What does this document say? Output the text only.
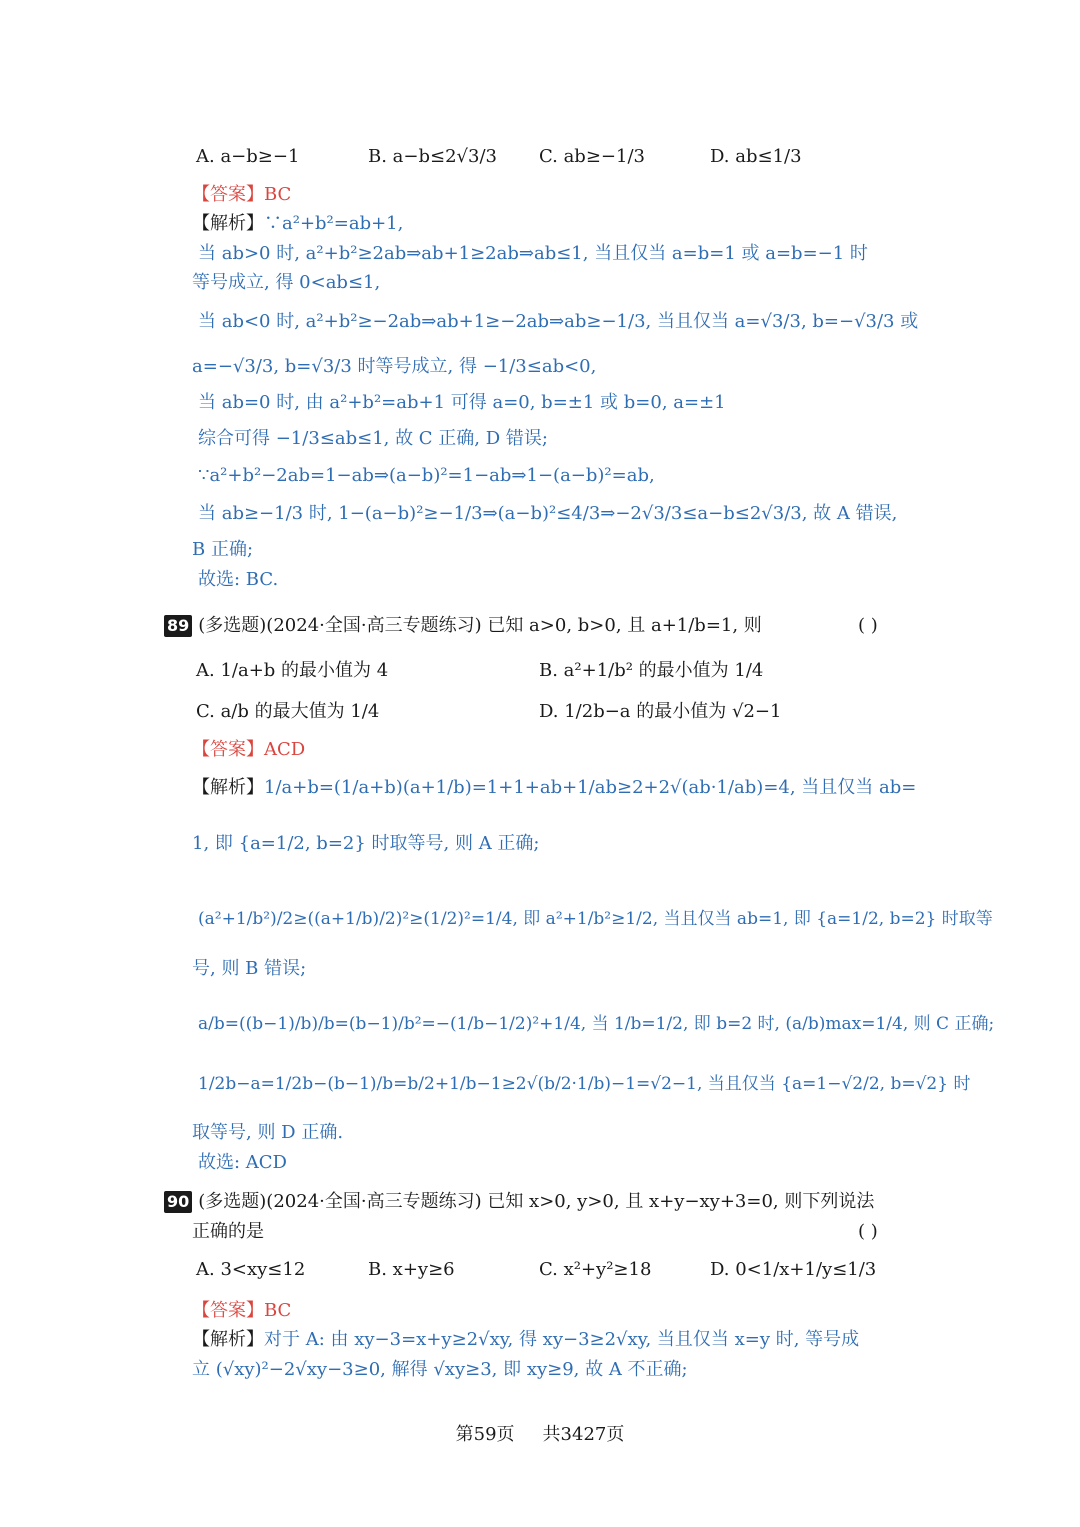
A. a−b≥−1	B. a−b≤2√3/3 C. ab≥−1/3	D. ab≤1/3
【答案】BC
【解析】∵a²+b²=ab+1,
当 ab>0 时, a²+b²≥2ab⇒ab+1≥2ab⇒ab≤1, 当且仅当 a=b=1 或 a=b=−1 时
等号成立, 得 0<ab≤1,
当 ab<0 时, a²+b²≥−2ab⇒ab+1≥−2ab⇒ab≥−1/3, 当且仅当 a=√3/3, b=−√3/3 或
a=−√3/3, b=√3/3 时等号成立, 得 −1/3≤ab<0,
当 ab=0 时, 由 a²+b²=ab+1 可得 a=0, b=±1 或 b=0, a=±1
综合可得 −1/3≤ab≤1, 故 C 正确, D 错误;
∵a²+b²−2ab=1−ab⇒(a−b)²=1−ab⇒1−(a−b)²=ab,
当 ab≥−1/3 时, 1−(a−b)²≥−1/3⇒(a−b)²≤4/3⇒−2√3/3≤a−b≤2√3/3, 故 A 错误,
B 正确;
故选: BC.
89 (多选题)(2024·全国·高三专题练习) 已知 a>0, b>0, 且 a+1/b=1, 则	( )
A. 1/a+b 的最小值为 4	B. a²+1/b² 的最小值为 1/4
C. a/b 的最大值为 1/4	D. 1/2b−a 的最小值为 √2−1
【答案】ACD
【解析】1/a+b=(1/a+b)(a+1/b)=1+1+ab+1/ab≥2+2√(ab·1/ab)=4, 当且仅当 ab=
1, 即 {a=1/2, b=2} 时取等号, 则 A 正确;
(a²+1/b²)/2≥((a+1/b)/2)²≥(1/2)²=1/4, 即 a²+1/b²≥1/2, 当且仅当 ab=1, 即 {a=1/2, b=2} 时取等
号, 则 B 错误;
a/b=((b−1)/b)/b=(b−1)/b²=−(1/b−1/2)²+1/4, 当 1/b=1/2, 即 b=2 时, (a/b)max=1/4, 则 C 正确;
1/2b−a=1/2b−(b−1)/b=b/2+1/b−1≥2√(b/2·1/b)−1=√2−1, 当且仅当 {a=1−√2/2, b=√2} 时
取等号, 则 D 正确.
故选: ACD
90 (多选题)(2024·全国·高三专题练习) 已知 x>0, y>0, 且 x+y−xy+3=0, 则下列说法
正确的是	( )
A. 3<xy≤12	B. x+y≥6	C. x²+y²≥18	D. 0<1/x+1/y≤1/3
【答案】BC
【解析】对于 A: 由 xy−3=x+y≥2√xy, 得 xy−3≥2√xy, 当且仅当 x=y 时, 等号成
立 (√xy)²−2√xy−3≥0, 解得 √xy≥3, 即 xy≥9, 故 A 不正确;
第59页 共3427页
